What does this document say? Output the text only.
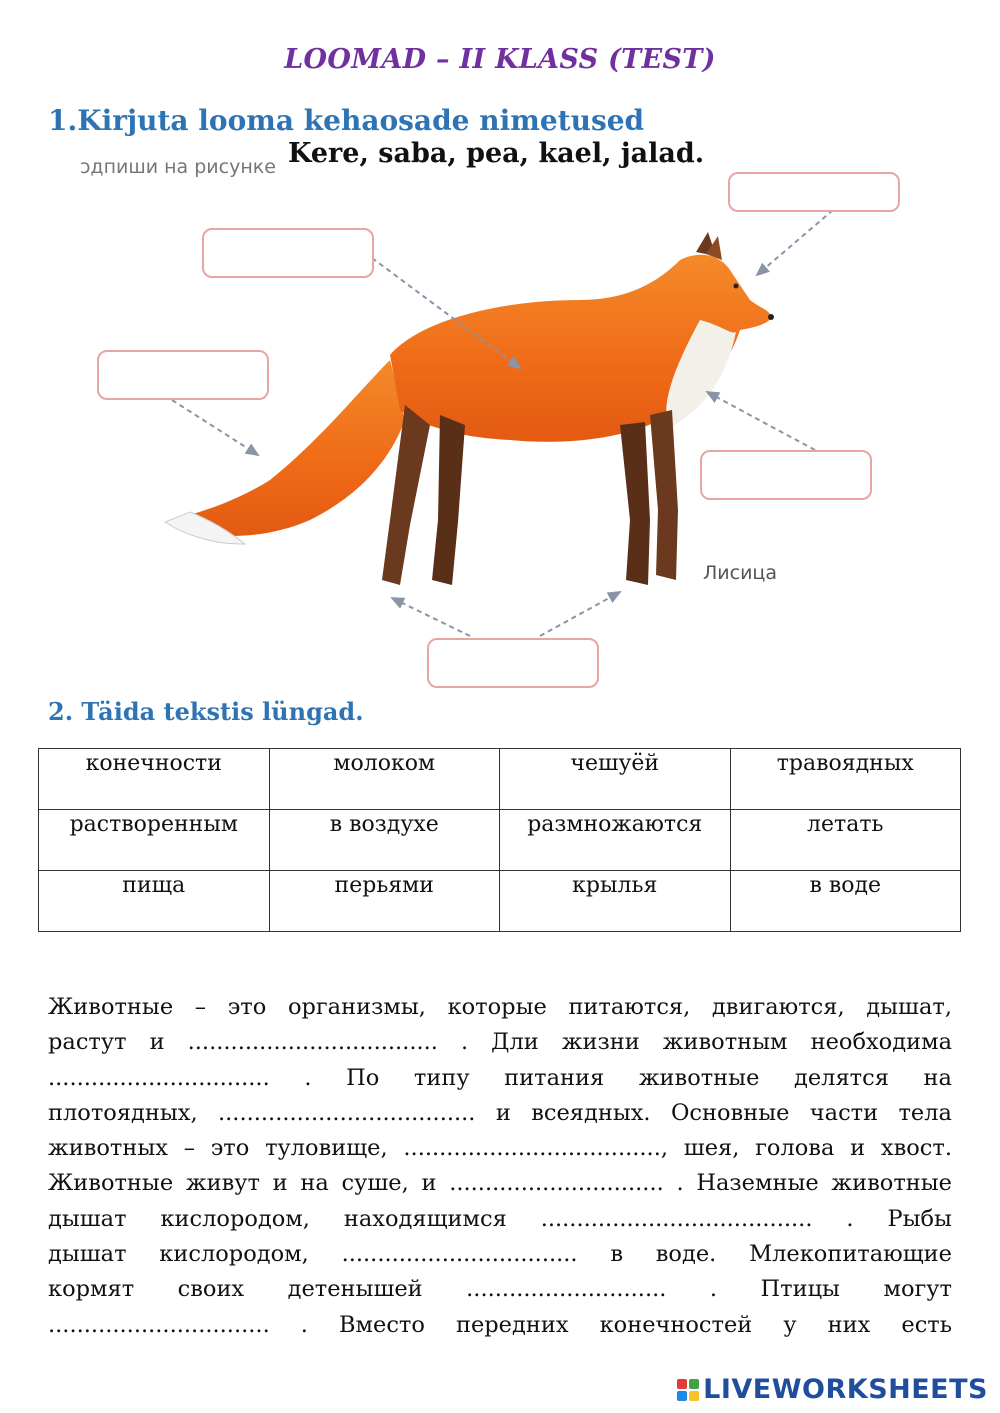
LOOMAD – II KLASS (TEST)
1.Kirjuta looma kehaosade nimetused
Kere, saba, pea, kael, jalad.
ɔдпиши на рисунке
Лисица
2. Täida tekstis lüngad.
конечности	молоком	чешуёй	травоядных
растворенным	в воздухе	размножаются	летать
пища	перьями	крылья	в воде
Животные – это организмы, которые питаются, двигаются, дышат,
растут и ................................... . Дли жизни животным необходима
............................... . По типу питания животные делятся на
плотоядных, .................................... и всеядных. Основные части тела
животных – это туловище, ...................................., шея, голова и хвост.
Животные живут и на суше, и .............................. . Наземные животные
дышат кислородом, находящимся ...................................... . Рыбы
дышат кислородом, ................................. в воде. Млекопитающие
кормят своих детенышей ............................ . Птицы могут
............................... . Вместо передних конечностей у них есть
LIVEWORKSHEETS
